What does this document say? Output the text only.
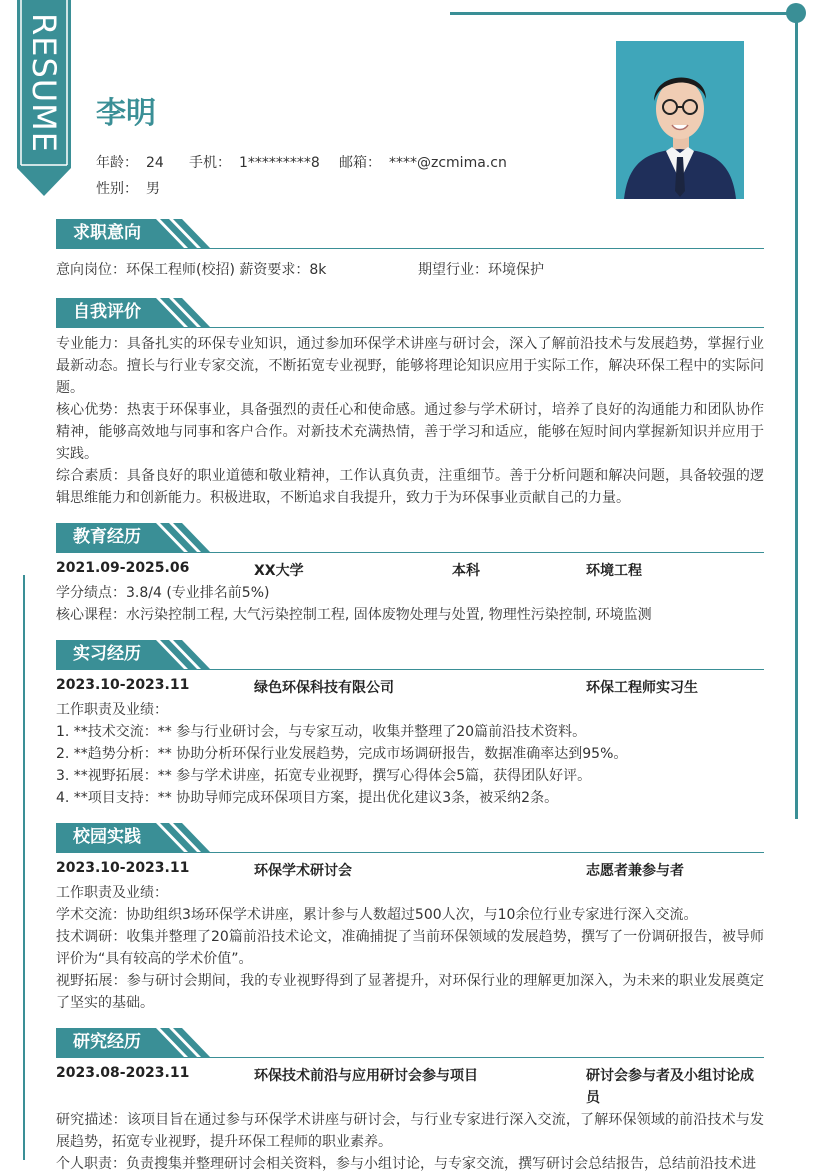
RESUME 李明
年龄： 24 手机： 1*********8 邮箱： ****@zcmima.cn
性别： 男
求职意向
意向岗位：环保工程师(校招) 薪资要求：8k	期望行业：环境保护
自我评价
专业能力：具备扎实的环保专业知识，通过参加环保学术讲座与研讨会，深入了解前沿技术与发展趋势，掌握行业最新动态。擅长与行业专家交流，不断拓宽专业视野，能够将理论知识应用于实际工作，解决环保工程中的实际问题。
核心优势：热衷于环保事业，具备强烈的责任心和使命感。通过参与学术研讨，培养了良好的沟通能力和团队协作精神，能够高效地与同事和客户合作。对新技术充满热情，善于学习和适应，能够在短时间内掌握新知识并应用于实践。
综合素质：具备良好的职业道德和敬业精神，工作认真负责，注重细节。善于分析问题和解决问题，具备较强的逻辑思维能力和创新能力。积极进取，不断追求自我提升，致力于为环保事业贡献自己的力量。
教育经历
2021.09-2025.06	XX大学	本科	环境工程
学分绩点：3.8/4 (专业排名前5%)
核心课程：水污染控制工程, 大气污染控制工程, 固体废物处理与处置, 物理性污染控制, 环境监测
实习经历
2023.10-2023.11	绿色环保科技有限公司	环保工程师实习生
工作职责及业绩：
1. **技术交流：** 参与行业研讨会，与专家互动，收集并整理了20篇前沿技术资料。
2. **趋势分析：** 协助分析环保行业发展趋势，完成市场调研报告，数据准确率达到95%。
3. **视野拓展：** 参与学术讲座，拓宽专业视野，撰写心得体会5篇，获得团队好评。
4. **项目支持：** 协助导师完成环保项目方案，提出优化建议3条，被采纳2条。
校园实践
2023.10-2023.11	环保学术研讨会	志愿者兼参与者
工作职责及业绩：
学术交流：协助组织3场环保学术讲座，累计参与人数超过500人次，与10余位行业专家进行深入交流。
技术调研：收集并整理了20篇前沿技术论文，准确捕捉了当前环保领域的发展趋势，撰写了一份调研报告，被导师评价为“具有较高的学术价值”。
视野拓展：参与研讨会期间，我的专业视野得到了显著提升，对环保行业的理解更加深入，为未来的职业发展奠定了坚实的基础。
研究经历
2023.08-2023.11	环保技术前沿与应用研讨会参与项目	研讨会参与者及小组讨论成员
研究描述：该项目旨在通过参与环保学术讲座与研讨会，与行业专家进行深入交流，了解环保领域的前沿技术与发展趋势，拓宽专业视野，提升环保工程师的职业素养。
个人职责：负责搜集并整理研讨会相关资料，参与小组讨论，与专家交流，撰写研讨会总结报告，总结前沿技术进
